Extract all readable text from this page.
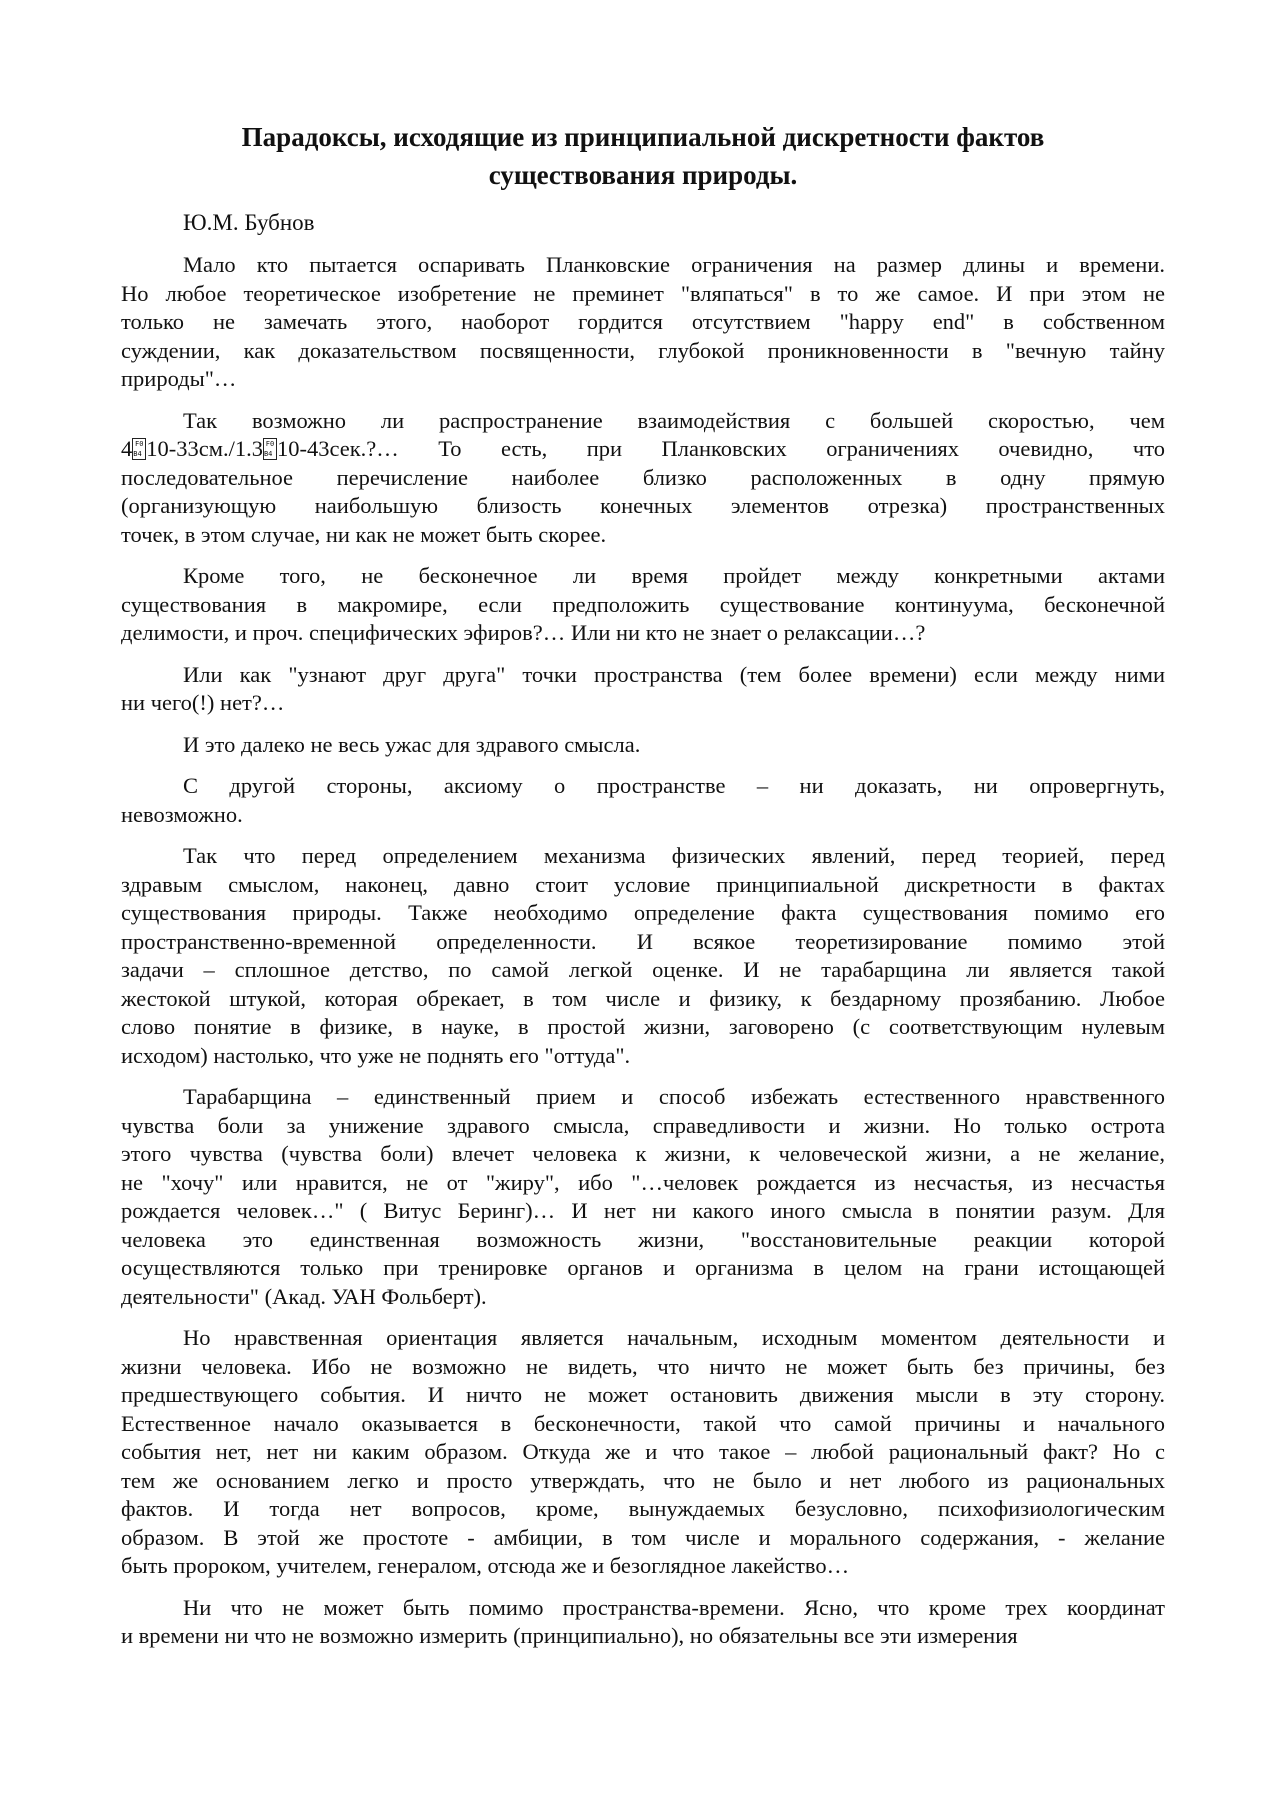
Парадоксы, исходящие из принципиальной дискретности фактов
существования природы.
Ю.М. Бубнов
Мало кто пытается оспаривать Планковские ограничения на размер длины и времени.
Но любое теоретическое изобретение не преминет "вляпаться" в то же самое. И при этом не
только не замечать этого, наоборот гордится отсутствием "happy end" в собственном
суждении, как доказательством посвященности, глубокой проникновенности в "вечную тайну
природы"…
Так возможно ли распространение взаимодействия с большей скоростью, чем
4 F0B4 10-33см./1.3 F0B4 10-43сек.?… То есть, при Планковских ограничениях очевидно, что
последовательное перечисление наиболее близко расположенных в одну прямую
(организующую наибольшую близость конечных элементов отрезка) пространственных
точек, в этом случае, ни как не может быть скорее.
Кроме того, не бесконечное ли время пройдет между конкретными актами
существования в макромире, если предположить существование континуума, бесконечной
делимости, и проч. специфических эфиров?… Или ни кто не знает о релаксации…?
Или как "узнают друг друга" точки пространства (тем более времени) если между ними
ни чего(!) нет?…
И это далеко не весь ужас для здравого смысла.
С другой стороны, аксиому о пространстве – ни доказать, ни опровергнуть,
невозможно.
Так что перед определением механизма физических явлений, перед теорией, перед
здравым смыслом, наконец, давно стоит условие принципиальной дискретности в фактах
существования природы. Также необходимо определение факта существования помимо его
пространственно-временной определенности. И всякое теоретизирование помимо этой
задачи – сплошное детство, по самой легкой оценке. И не тарабарщина ли является такой
жестокой штукой, которая обрекает, в том числе и физику, к бездарному прозябанию. Любое
слово понятие в физике, в науке, в простой жизни, заговорено (с соответствующим нулевым
исходом) настолько, что уже не поднять его "оттуда".
Тарабарщина – единственный прием и способ избежать естественного нравственного
чувства боли за унижение здравого смысла, справедливости и жизни. Но только острота
этого чувства (чувства боли) влечет человека к жизни, к человеческой жизни, а не желание,
не "хочу" или нравится, не от "жиру", ибо "…человек рождается из несчастья, из несчастья
рождается человек…" ( Витус Беринг)… И нет ни какого иного смысла в понятии разум. Для
человека это единственная возможность жизни, "восстановительные реакции которой
осуществляются только при тренировке органов и организма в целом на грани истощающей
деятельности" (Акад. УАН Фольберт).
Но нравственная ориентация является начальным, исходным моментом деятельности и
жизни человека. Ибо не возможно не видеть, что ничто не может быть без причины, без
предшествующего события. И ничто не может остановить движения мысли в эту сторону.
Естественное начало оказывается в бесконечности, такой что самой причины и начального
события нет, нет ни каким образом. Откуда же и что такое – любой рациональный факт? Но с
тем же основанием легко и просто утверждать, что не было и нет любого из рациональных
фактов. И тогда нет вопросов, кроме, вынуждаемых безусловно, психофизиологическим
образом. В этой же простоте - амбиции, в том числе и морального содержания, - желание
быть пророком, учителем, генералом, отсюда же и безоглядное лакейство…
Ни что не может быть помимо пространства-времени. Ясно, что кроме трех координат
и времени ни что не возможно измерить (принципиально), но обязательны все эти измерения
